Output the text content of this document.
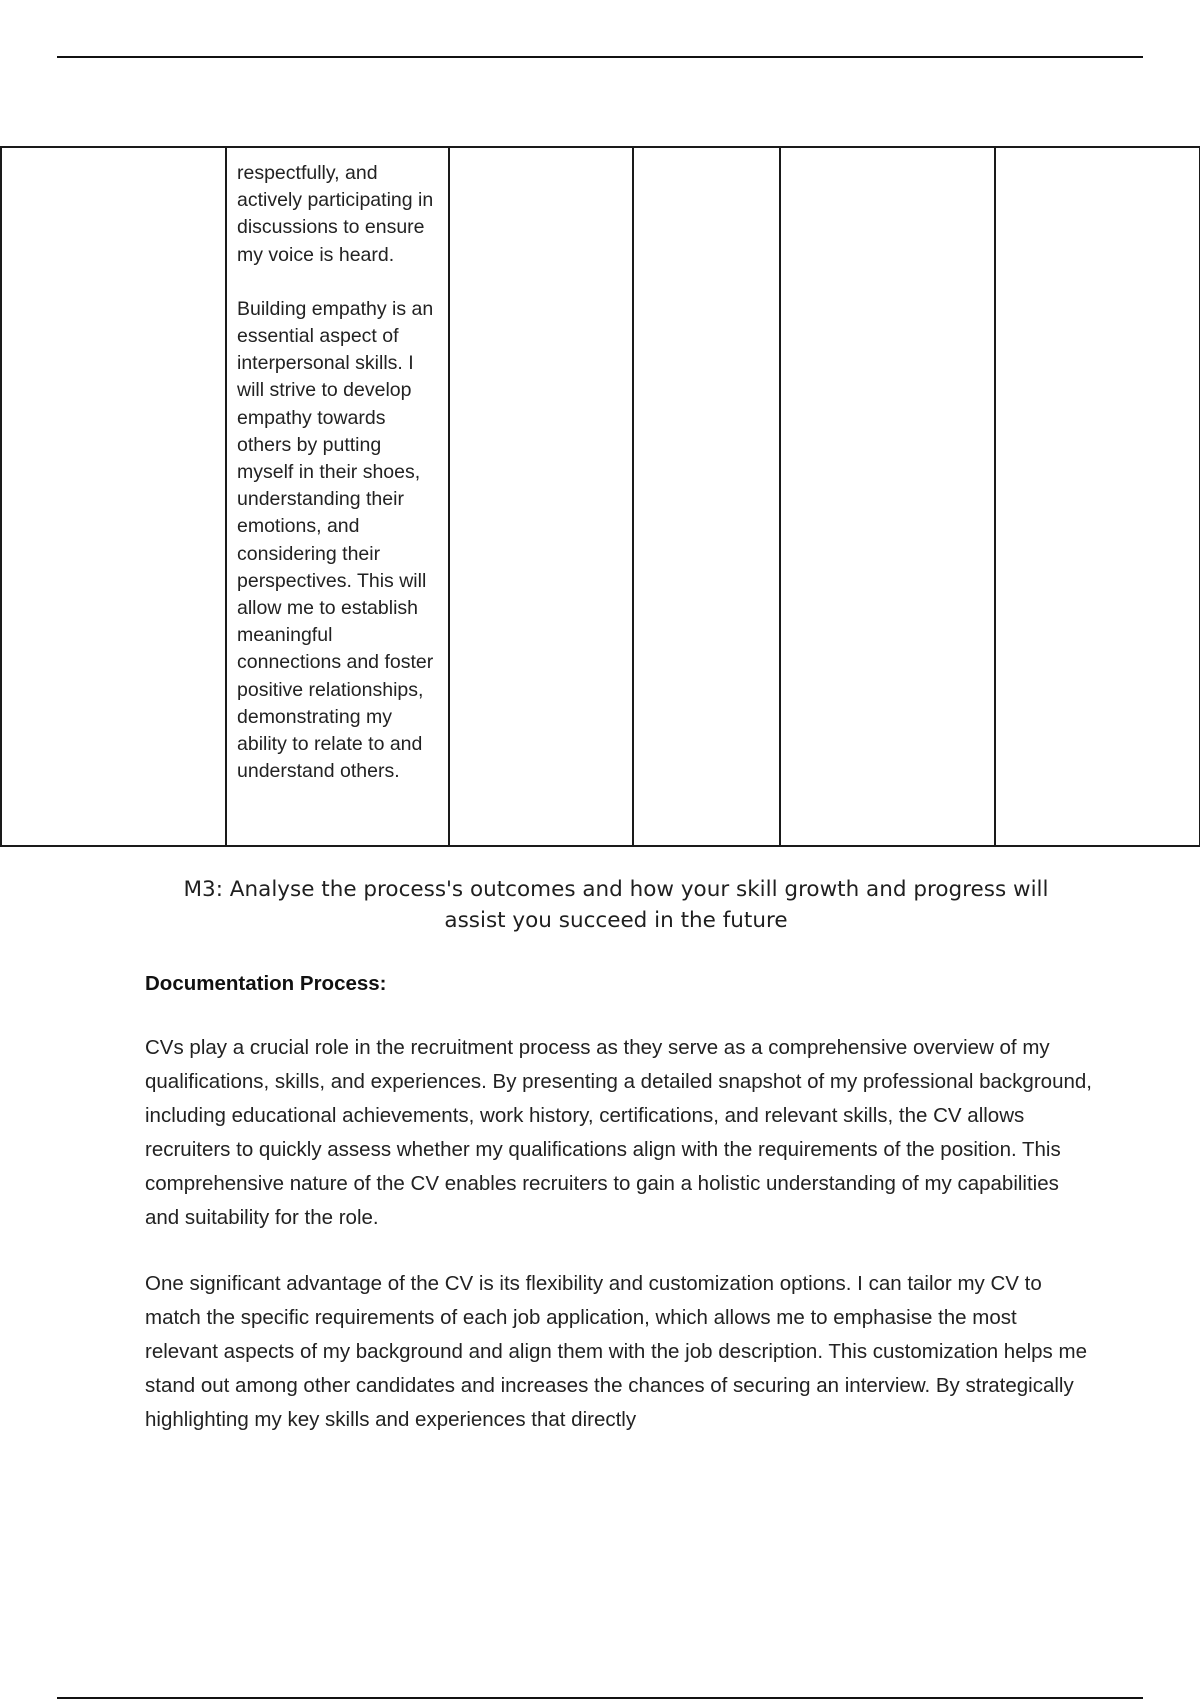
respectfully, and actively participating in discussions to ensure my voice is heard.

Building empathy is an essential aspect of interpersonal skills. I will strive to develop empathy towards others by putting myself in their shoes, understanding their emotions, and considering their perspectives. This will allow me to establish meaningful connections and foster positive relationships, demonstrating my ability to relate to and understand others.

M3: Analyse the process's outcomes and how your skill growth and progress will assist you succeed in the future
Documentation Process:

CVs play a crucial role in the recruitment process as they serve as a comprehensive overview of my qualifications, skills, and experiences. By presenting a detailed snapshot of my professional background, including educational achievements, work history, certifications, and relevant skills, the CV allows recruiters to quickly assess whether my qualifications align with the requirements of the position. This comprehensive nature of the CV enables recruiters to gain a holistic understanding of my capabilities and suitability for the role.

One significant advantage of the CV is its flexibility and customization options. I can tailor my CV to match the specific requirements of each job application, which allows me to emphasise the most relevant aspects of my background and align them with the job description. This customization helps me stand out among other candidates and increases the chances of securing an interview. By strategically highlighting my key skills and experiences that directly
